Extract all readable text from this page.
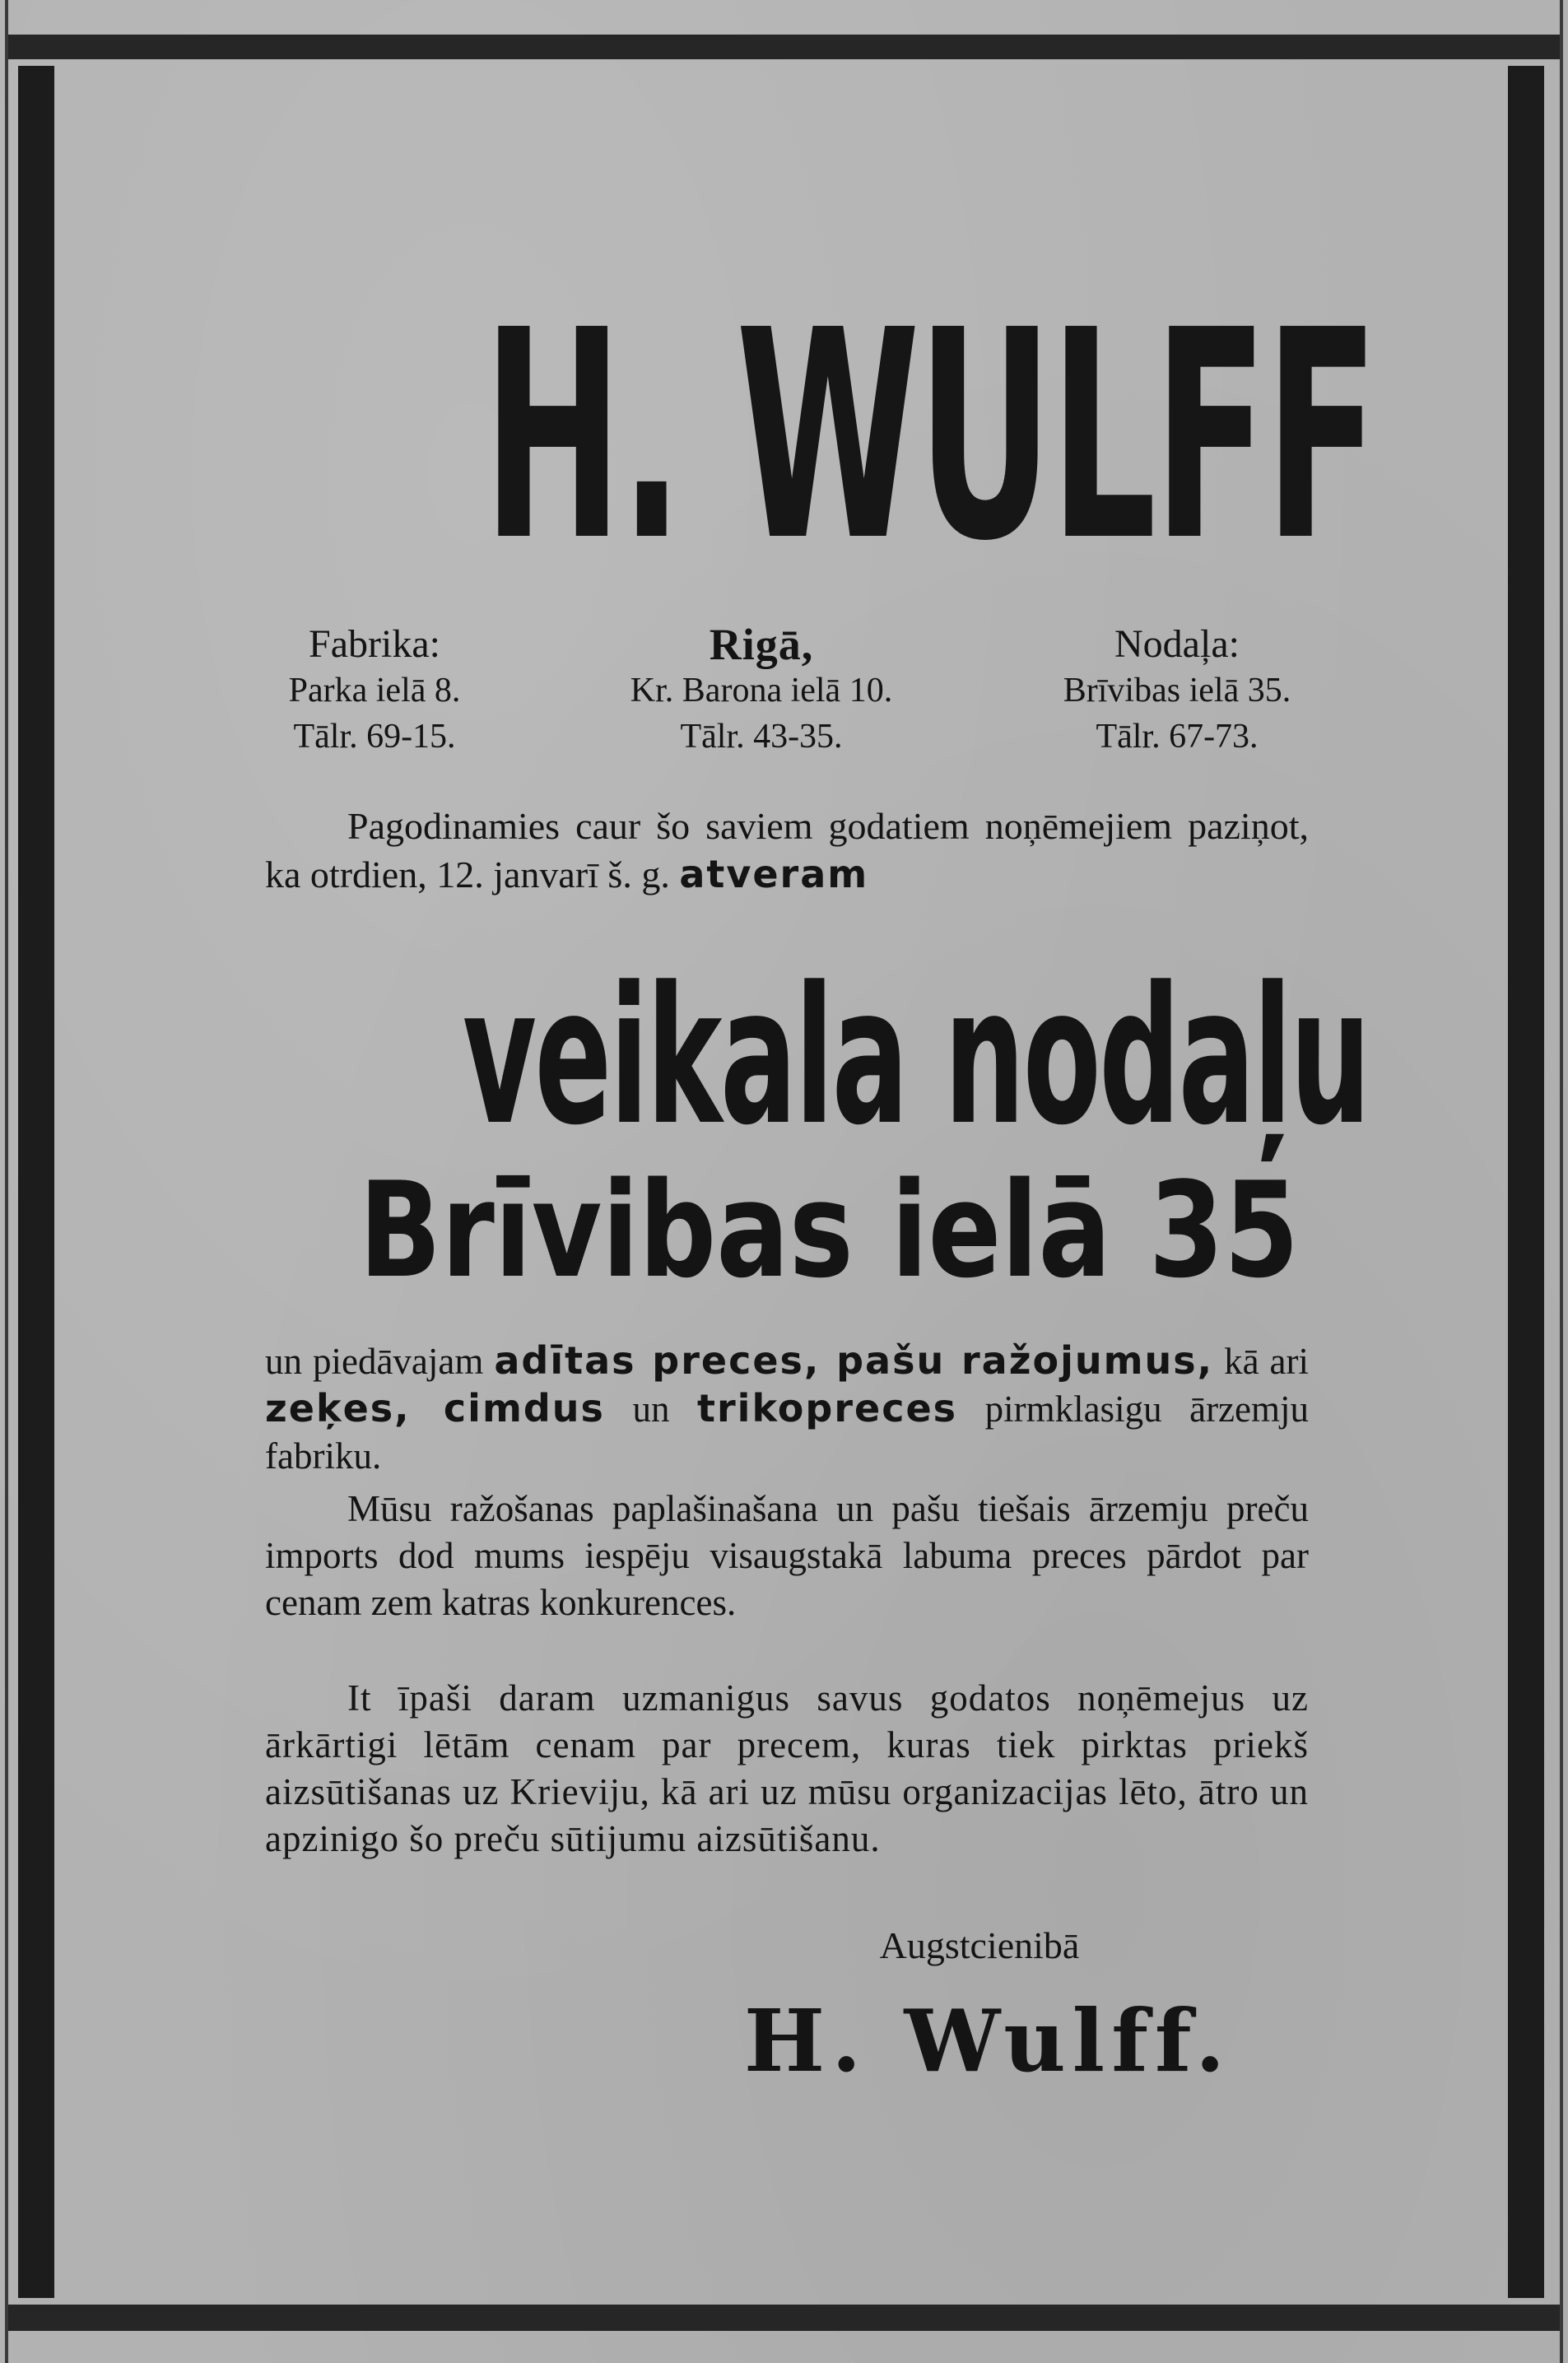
H. WULFF
Fabrika:
Parka ielā 8.
Tālr. 69-15.
Rigā,
Kr. Barona ielā 10.
Tālr. 43-35.
Nodaļa:
Brīvibas ielā 35.
Tālr. 67-73.
Pagodinamies caur šo saviem godatiem noņēmejiem paziņot, ka otrdien, 12. janvarī š. g. atveram
veikala nodaļu
Brīvibas ielā 35
un piedāvajam adītas preces, pašu ražojumus, kā ari zeķes, cimdus un trikopreces pirmklasigu ārzemju fabriku.
Mūsu ražošanas paplašinašana un pašu tiešais ārzemju preču imports dod mums iespēju visaugstakā labuma preces pārdot par cenam zem katras konkurences.
It īpaši daram uzmanigus savus godatos noņēmejus uz ārkārtigi lētām cenam par precem, kuras tiek pirktas priekš aizsūtišanas uz Krieviju, kā ari uz mūsu organizacijas lēto, ātro un apzinigo šo preču sūtijumu aizsūtišanu.
Augstcienibā
H. Wulff.
